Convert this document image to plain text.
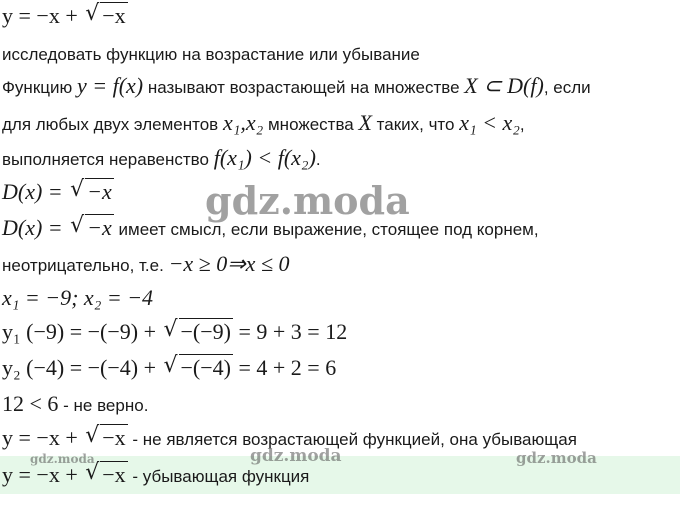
y = −x + √ −x
исследовать функцию на возрастание или убывание
Функцию y = f(x) называют возрастающей на множестве X ⊂ D(f), если
для любых двух элементов x₁,x₂ множества X таких, что x₁ < x₂,
выполняется неравенство f(x₁) < f(x₂).
D(x) = √ −x gdz.moda
D(x) = √ −x имеет смысл, если выражение, стоящее под корнем,
неотрицательно, т.е. −x ≥ 0⇒x ≤ 0
x₁ = −9; x₂ = −4
y₁ (−9) = −(−9) + √ −(−9) = 9 + 3 = 12
y₂ (−4) = −(−4) + √ −(−4) = 4 + 2 = 6
12 < 6 - не верно.
y = −x + √ −x - не является возрастающей функцией, она убывающая
gdz.moda	gdz.moda	gdz.moda
y = −x + √ −x - убывающая функция
